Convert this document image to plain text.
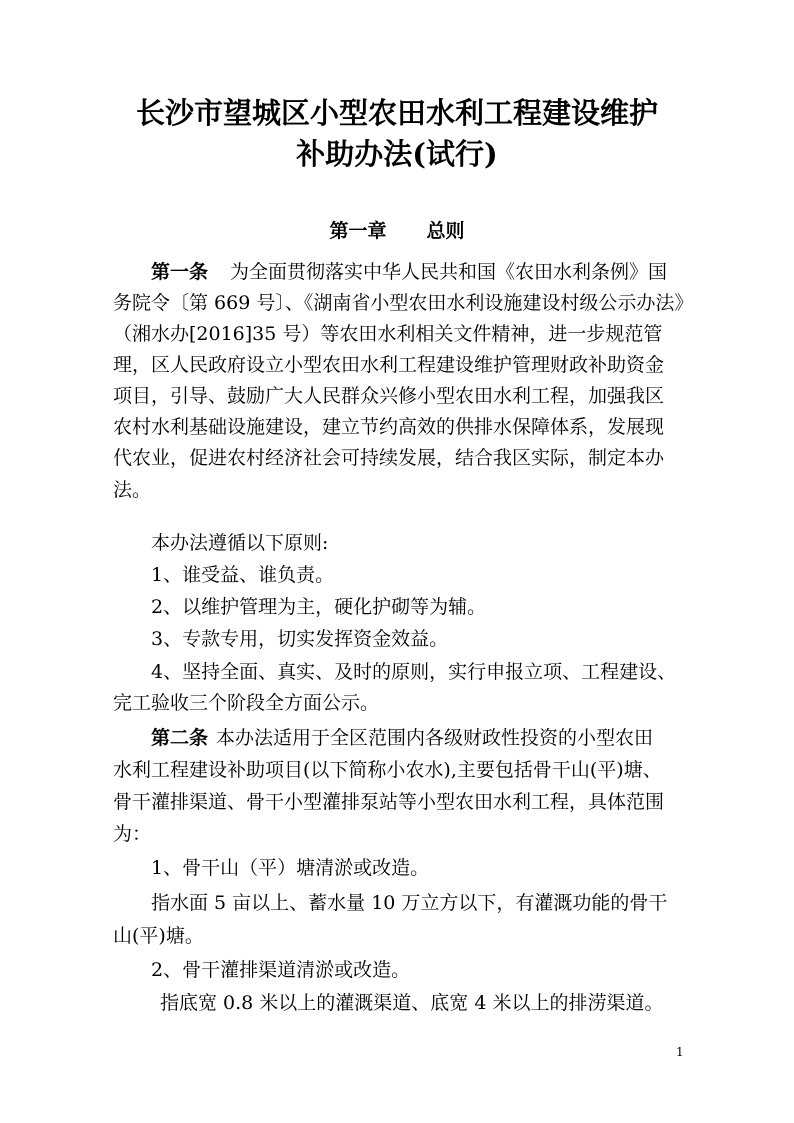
长沙市望城区小型农田水利工程建设维护
补助办法(试行)
第一章 总则
第一条 为全面贯彻落实中华人民共和国《农田水利条例》国
务院令〔第 669 号〕、《湖南省小型农田水利设施建设村级公示办法》
（湘水办[2016]35 号）等农田水利相关文件精神，进一步规范管
理，区人民政府设立小型农田水利工程建设维护管理财政补助资金
项目，引导、鼓励广大人民群众兴修小型农田水利工程，加强我区
农村水利基础设施建设，建立节约高效的供排水保障体系，发展现
代农业，促进农村经济社会可持续发展，结合我区实际，制定本办
法。
本办法遵循以下原则:
1、谁受益、谁负责。
2、以维护管理为主，硬化护砌等为辅。
3、专款专用，切实发挥资金效益。
4、坚持全面、真实、及时的原则，实行申报立项、工程建设、
完工验收三个阶段全方面公示。
第二条 本办法适用于全区范围内各级财政性投资的小型农田
水利工程建设补助项目(以下简称小农水),主要包括骨干山(平)塘、
骨干灌排渠道、骨干小型灌排泵站等小型农田水利工程，具体范围
为：
1、骨干山（平）塘清淤或改造。
指水面 5 亩以上、蓄水量 10 万立方以下，有灌溉功能的骨干
山(平)塘。
2、骨干灌排渠道清淤或改造。
指底宽 0.8 米以上的灌溉渠道、底宽 4 米以上的排涝渠道。
1
